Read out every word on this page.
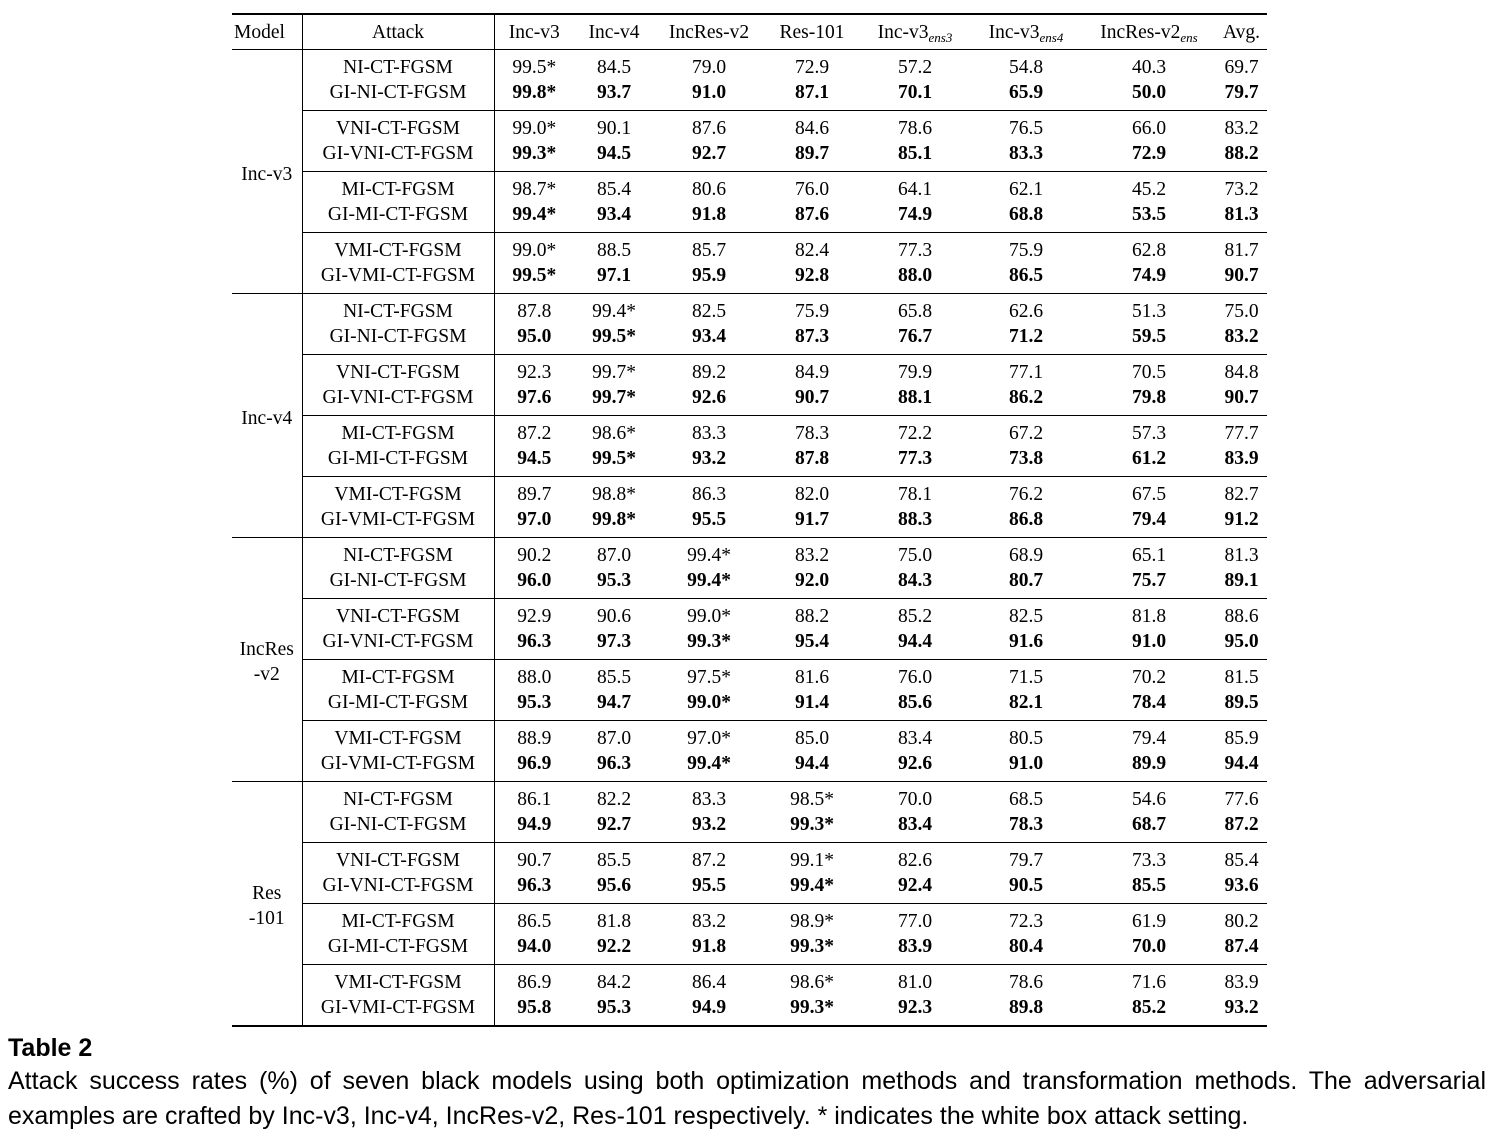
Model	Attack	Inc-v3	Inc-v4	IncRes-v2	Res-101	Inc-$v3_{ens3}$	Inc-$v3_{ens4}$	IncRes-$v2_{ens}$	Avg.

Inc-v3	NI-CT-FGSM	99.5*	84.5	79.0	72.9	57.2	54.8	40.3	69.7
	GI-NI-CT-FGSM	99.8*	93.7	91.0	87.1	70.1	65.9	50.0	79.7
	VNI-CT-FGSM	99.0*	90.1	87.6	84.6	78.6	76.5	66.0	83.2
	GI-VNI-CT-FGSM	99.3*	94.5	92.7	89.7	85.1	83.3	72.9	88.2
	MI-CT-FGSM	98.7*	85.4	80.6	76.0	64.1	62.1	45.2	73.2
	GI-MI-CT-FGSM	99.4*	93.4	91.8	87.6	74.9	68.8	53.5	81.3
	VMI-CT-FGSM	99.0*	88.5	85.7	82.4	77.3	75.9	62.8	81.7
	GI-VMI-CT-FGSM	99.5*	97.1	95.9	92.8	88.0	86.5	74.9	90.7

Inc-v4	NI-CT-FGSM	87.8	99.4*	82.5	75.9	65.8	62.6	51.3	75.0
	GI-NI-CT-FGSM	95.0	99.5*	93.4	87.3	76.7	71.2	59.5	83.2
	VNI-CT-FGSM	92.3	99.7*	89.2	84.9	79.9	77.1	70.5	84.8
	GI-VNI-CT-FGSM	97.6	99.7*	92.6	90.7	88.1	86.2	79.8	90.7
	MI-CT-FGSM	87.2	98.6*	83.3	78.3	72.2	67.2	57.3	77.7
	GI-MI-CT-FGSM	94.5	99.5*	93.2	87.8	77.3	73.8	61.2	83.9
	VMI-CT-FGSM	89.7	98.8*	86.3	82.0	78.1	76.2	67.5	82.7
	GI-VMI-CT-FGSM	97.0	99.8*	95.5	91.7	88.3	86.8	79.4	91.2

IncRes
-v2	NI-CT-FGSM	90.2	87.0	99.4*	83.2	75.0	68.9	65.1	81.3
	GI-NI-CT-FGSM	96.0	95.3	99.4*	92.0	84.3	80.7	75.7	89.1
	VNI-CT-FGSM	92.9	90.6	99.0*	88.2	85.2	82.5	81.8	88.6
	GI-VNI-CT-FGSM	96.3	97.3	99.3*	95.4	94.4	91.6	91.0	95.0
	MI-CT-FGSM	88.0	85.5	97.5*	81.6	76.0	71.5	70.2	81.5
	GI-MI-CT-FGSM	95.3	94.7	99.0*	91.4	85.6	82.1	78.4	89.5
	VMI-CT-FGSM	88.9	87.0	97.0*	85.0	83.4	80.5	79.4	85.9
	GI-VMI-CT-FGSM	96.9	96.3	99.4*	94.4	92.6	91.0	89.9	94.4

Res
-101	NI-CT-FGSM	86.1	82.2	83.3	98.5*	70.0	68.5	54.6	77.6
	GI-NI-CT-FGSM	94.9	92.7	93.2	99.3*	83.4	78.3	68.7	87.2
	VNI-CT-FGSM	90.7	85.5	87.2	99.1*	82.6	79.7	73.3	85.4
	GI-VNI-CT-FGSM	96.3	95.6	95.5	99.4*	92.4	90.5	85.5	93.6
	MI-CT-FGSM	86.5	81.8	83.2	98.9*	77.0	72.3	61.9	80.2
	GI-MI-CT-FGSM	94.0	92.2	91.8	99.3*	83.9	80.4	70.0	87.4
	VMI-CT-FGSM	86.9	84.2	86.4	98.6*	81.0	78.6	71.6	83.9
	GI-VMI-CT-FGSM	95.8	95.3	94.9	99.3*	92.3	89.8	85.2	93.2
Table 2
Attack success rates (%) of seven black models using both optimization methods and transformation methods. The adversarial examples are crafted by Inc-v3, Inc-v4, IncRes-v2, Res-101 respectively. * indicates the white box attack setting.
